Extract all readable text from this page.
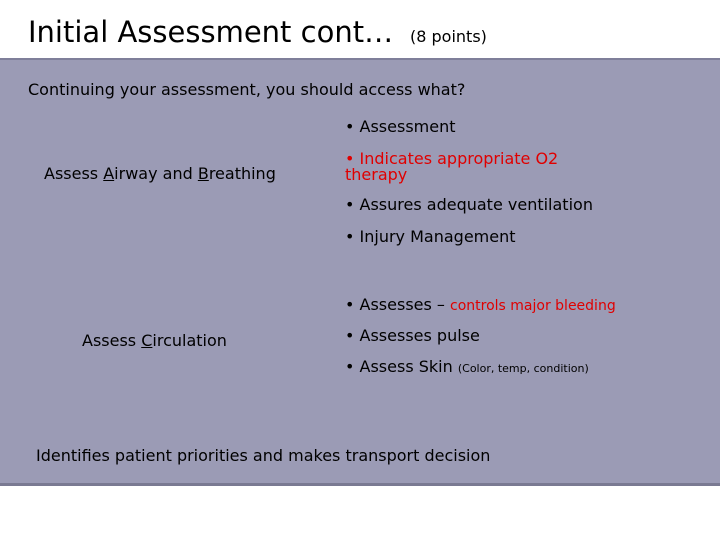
Initial Assessment cont… (8 points)
Continuing your assessment, you should access what?
Assess Airway and Breathing
• Assessment
• Indicates appropriate O2
therapy
• Assures adequate ventilation
• Injury Management
Assess Circulation
• Assesses – controls major bleeding
• Assesses pulse
• Assess Skin (Color, temp, condition)
Identifies patient priorities and makes transport decision
